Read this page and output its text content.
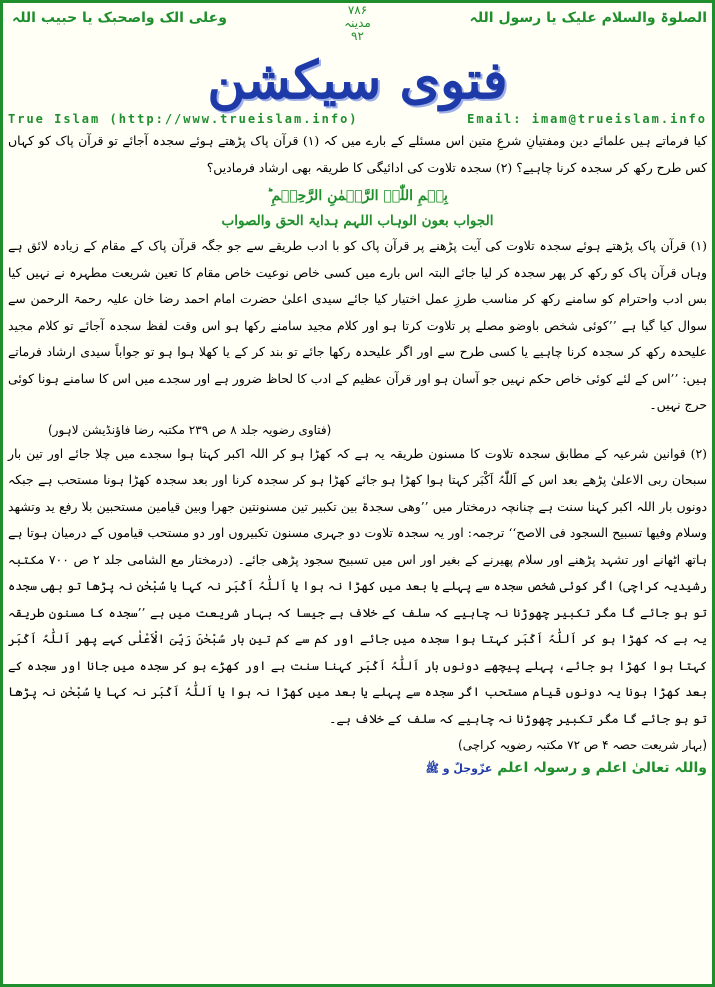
الصلوۃ والسلام علیک یا رسول اللہ
۷۸۶
مدینہ
۹۲
وعلی الک واصحبک یا حبیب اللہ
فتوی سیکشن
True Islam (http://www.trueislam.info)	Email: imam@trueislam.info

کیا فرماتے ہیں علمائے دین ومفتیانِ شرعِ متین اس مسئلے کے بارے میں کہ (۱) قرآن پاک پڑھتے ہوئے سجدہ آجائے تو قرآن پاک کو کہاں کس طرح رکھ کر سجدہ کرنا چاہیے؟ (۲) سجدہ تلاوت کی ادائیگی کا طریقہ بھی ارشاد فرمادیں؟

بِسۡمِ اللّٰہِ الرَّحۡمٰنِ الرَّحِیۡمِ ؕ

الجواب بعون الوہاب اللہم ہدایۃ الحق والصواب

(۱) قرآن پاک پڑھتے ہوئے سجدہ تلاوت کی آیت پڑھنے پر قرآن پاک کو با ادب طریقے سے جو جگہ قرآن پاک کے مقام کے زیادہ لائق ہے وہاں قرآن پاک کو رکھ کر پھر سجدہ کر لیا جائے البتہ اس بارے میں کسی خاص نوعیت خاص مقام کا تعین شریعت مطہرہ نے نہیں کیا بس ادب واحترام کو سامنے رکھ کر مناسب طرزِ عمل اختیار کیا جائے سیدی اعلیٰ حضرت امام احمد رضا خان علیہ رحمۃ الرحمن سے سوال کیا گیا ہے ’’کوئی شخص باوضو مصلے پر تلاوت کرتا ہو اور کلام مجید سامنے رکھا ہو اس وقت لفظ سجدہ آجائے تو کلام مجید علیحدہ رکھ کر سجدہ کرنا چاہیے یا کسی طرح سے اور اگر علیحدہ رکھا جائے تو بند کر کے یا کھلا ہوا ہو تو جواباً سیدی ارشاد فرماتے ہیں: ’’اس کے لئے کوئی خاص حکم نہیں جو آسان ہو اور قرآن عظیم کے ادب کا لحاظ ضرور ہے اور سجدے میں اس کا سامنے ہونا کوئی حرج نہیں۔

(فتاوی رضویہ جلد ۸ ص ۲۳۹ مکتبہ رضا فاؤنڈیشن لاہور)

(۲) قوانین شرعیہ کے مطابق سجدہ تلاوت کا مسنون طریقہ یہ ہے کہ کھڑا ہو کر اللہ اکبر کہتا ہوا سجدے میں چلا جائے اور تین بار سبحان ربی الاعلیٰ پڑھے بعد اس کے اَللّٰہُ اَکْبَر کہتا ہوا کھڑا ہو جائے کھڑا ہو کر سجدہ کرنا اور بعد سجدہ کھڑا ہونا مستحب ہے جبکہ دونوں بار اللہ اکبر کہنا سنت ہے چنانچہ درمختار میں ’’وھی سجدۃ بین تکبیر تین مسنونتین جھرا وبین قیامین مستحبین بلا رفع ید وتشھد وسلام وفیھا تسبیح السجود فی الاصح‘‘ ترجمہ: اور یہ سجدہ تلاوت دو جہری مسنون تکبیروں اور دو مستحب قیاموں کے درمیان ہوتا ہے ہاتھ اٹھانے اور تشہد پڑھنے اور سلام پھیرنے کے بغیر اور اس میں تسبیح سجود پڑھی جائے۔ (درمختار مع الشامی جلد ۲ ص ۷۰۰ مکتبہ رشیدیہ کراچی) اگر کوئی شخص سجدہ سے پہلے یا بعد میں کھڑا نہ ہوا یا اَللّٰہُ اَکْبَر نہ کہا یا سُبْحٰن نہ پڑھا تو بھی سجدہ تو ہو جائے گا مگر تکبیر چھوڑنا نہ چاہیے کہ سلف کے خلاف ہے جیسا کہ بہار شریعت میں ہے ’’سجدہ کا مسنون طریقہ یہ ہے کہ کھڑا ہو کر اَللّٰہُ اَکْبَر کہتا ہوا سجدہ میں جائے اور کم سے کم تین بار سُبْحٰنَ رَبِّیَ الْاَعْلٰی کہے پھر اَللّٰہُ اَکْبَر کہتا ہوا کھڑا ہو جائے، پہلے پیچھے دونوں بار اَللّٰہُ اَکْبَر کہنا سنت ہے اور کھڑے ہو کر سجدہ میں جانا اور سجدہ کے بعد کھڑا ہونا یہ دونوں قیام مستحب اگر سجدہ سے پہلے یا بعد میں کھڑا نہ ہوا یا اَللّٰہُ اَکْبَر نہ کہا یا سُبْحٰن نہ پڑھا تو ہو جائے گا مگر تکبیر چھوڑنا نہ چاہیے کہ سلف کے خلاف ہے۔

(بہار شریعت حصہ ۴ ص ۷۲ مکتبہ رضویہ کراچی)

واللہ تعالیٰ اعلم و رسولہ اعلم عزّوجلّ و ﷺ
